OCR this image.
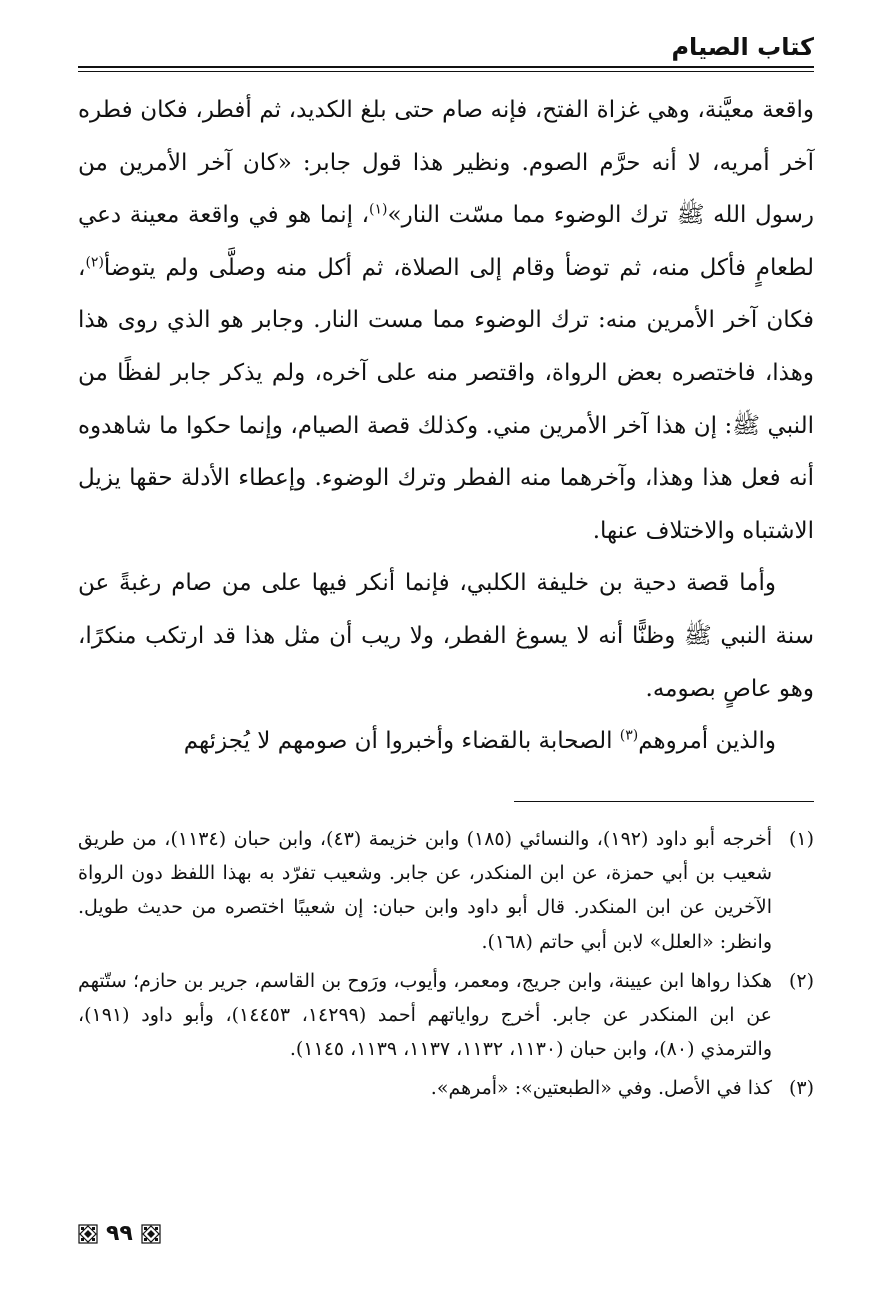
كتاب الصيام

واقعة معيَّنة، وهي غزاة الفتح، فإنه صام حتى بلغ الكديد، ثم أفطر، فكان فطره آخر أمريه، لا أنه حرَّم الصوم. ونظير هذا قول جابر: «كان آخر الأمرين من رسول الله ﷺ ترك الوضوء مما مسّت النار»$^{(١)}$، إنما هو في واقعة معينة دعي لطعامٍ فأكل منه، ثم توضأ وقام إلى الصلاة، ثم أكل منه وصلَّى ولم يتوضأ$^{(٢)}$، فكان آخر الأمرين منه: ترك الوضوء مما مست النار. وجابر هو الذي روى هذا وهذا، فاختصره بعض الرواة، واقتصر منه على آخره، ولم يذكر جابر لفظًا من النبي ﷺ: إن هذا آخر الأمرين مني. وكذلك قصة الصيام، وإنما حكوا ما شاهدوه أنه فعل هذا وهذا، وآخرهما منه الفطر وترك الوضوء. وإعطاء الأدلة حقها يزيل الاشتباه والاختلاف عنها.

وأما قصة دحية بن خليفة الكلبي، فإنما أنكر فيها على من صام رغبةً عن سنة النبي ﷺ وظنًّا أنه لا يسوغ الفطر، ولا ريب أن مثل هذا قد ارتكب منكرًا، وهو عاصٍ بصومه.

والذين أمروهم$^{(٣)}$ الصحابة بالقضاء وأخبروا أن صومهم لا يُجزئهم

(١)
أخرجه أبو داود (١٩٢)، والنسائي (١٨٥) وابن خزيمة (٤٣)، وابن حبان (١١٣٤)، من طريق شعيب بن أبي حمزة، عن ابن المنكدر، عن جابر. وشعيب تفرّد به بهذا اللفظ دون الرواة الآخرين عن ابن المنكدر. قال أبو داود وابن حبان: إن شعيبًا اختصره من حديث طويل. وانظر: «العلل» لابن أبي حاتم (١٦٨).
(٢)
هكذا رواها ابن عيينة، وابن جريج، ومعمر، وأيوب، ورَوح بن القاسم، جرير بن حازم؛ ستّتهم عن ابن المنكدر عن جابر. أخرج رواياتهم أحمد (١٤٢٩٩، ١٤٤٥٣)، وأبو داود (١٩١)، والترمذي (٨٠)، وابن حبان (١١٣٠، ١١٣٢، ١١٣٧، ١١٣٩، ١١٤٥).
(٣)
كذا في الأصل. وفي «الطبعتين»: «أمرهم».
٩٩
